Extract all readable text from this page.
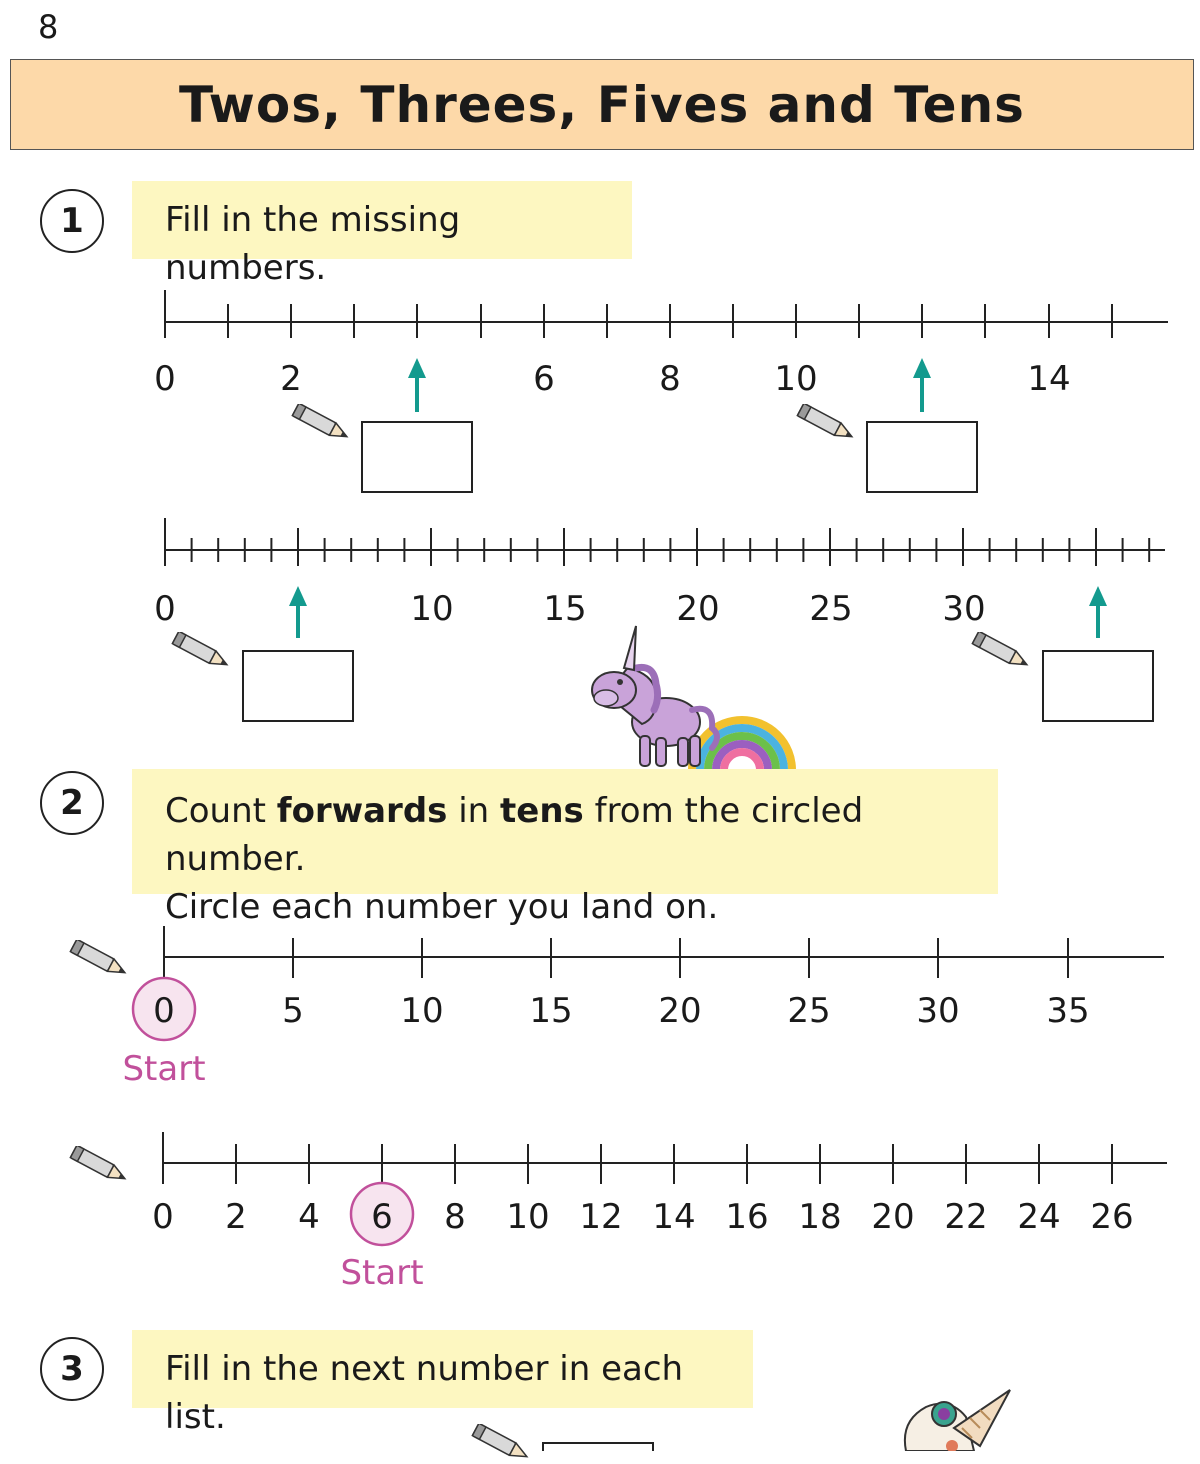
8
Twos, Threes, Fives and Tens
1	Fill in the missing numbers.

0	2	6	8	10	14
0	10	15	20	25	30
2	Count forwards in tens from the circled number.

Circle each number you land on.

0	5	10	15	20	25	30	35
Start
0 2 4 6 8 10 12 14 16 18 20 22 24 26
Start
3	Fill in the next number in each list.
